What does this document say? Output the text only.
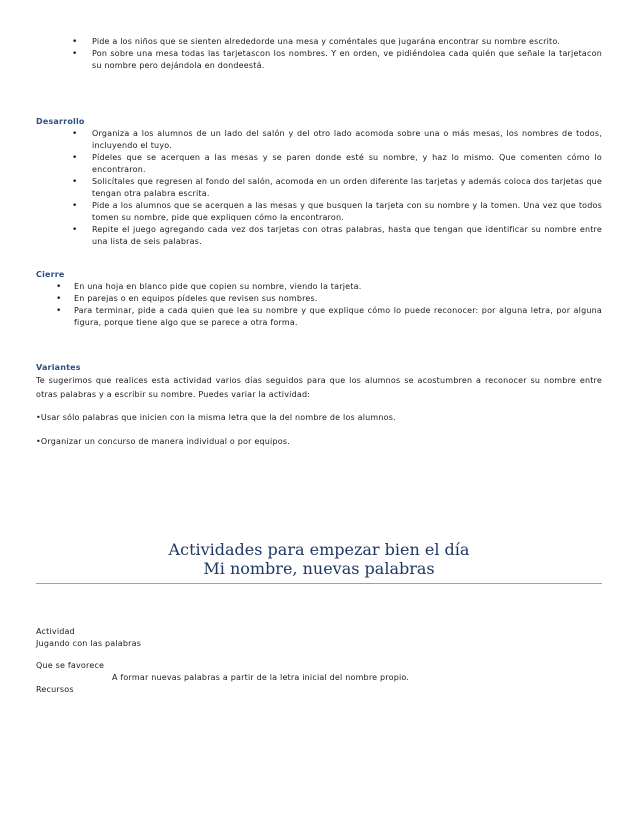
• Pide a los niños que se sienten alrededorde una mesa y coméntales que jugarána encontrar su nombre escrito.
• Pon sobre una mesa todas las tarjetascon los nombres. Y en orden, ve pidiéndolea cada quién que señale la tarjetacon su nombre pero dejándola en dondeestá.
Desarrollo
• Organiza a los alumnos de un lado del salón y del otro lado acomoda sobre una o más mesas, los nombres de todos, incluyendo el tuyo.
• Pídeles que se acerquen a las mesas y se paren donde esté su nombre, y haz lo mismo. Que comenten cómo lo encontraron.
• Solicítales que regresen al fondo del salón, acomoda en un orden diferente las tarjetas y además coloca dos tarjetas que tengan otra palabra escrita.
• Pide a los alumnos que se acerquen a las mesas y que busquen la tarjeta con su nombre y la tomen. Una vez que todos tomen su nombre, pide que expliquen cómo la encontraron.
• Repite el juego agregando cada vez dos tarjetas con otras palabras, hasta que tengan que identificar su nombre entre una lista de seis palabras.
Cierre
• En una hoja en blanco pide que copien su nombre, viendo la tarjeta.
• En parejas o en equipos pídeles que revisen sus nombres.
• Para terminar, pide a cada quien que lea su nombre y que explique cómo lo puede reconocer: por alguna letra, por alguna figura, porque tiene algo que se parece a otra forma.
Variantes
Te sugerimos que realices esta actividad varios días seguidos para que los alumnos se acostumbren a reconocer su nombre entre otras palabras y a escribir su nombre. Puedes variar la actividad:
•Usar sólo palabras que inicien con la misma letra que la del nombre de los alumnos.
•Organizar un concurso de manera individual o por equipos.
Actividades para empezar bien el día
Mi nombre, nuevas palabras
Actividad
Jugando con las palabras
Que se favorece
A formar nuevas palabras a partir de la letra inicial del nombre propio.
Recursos
